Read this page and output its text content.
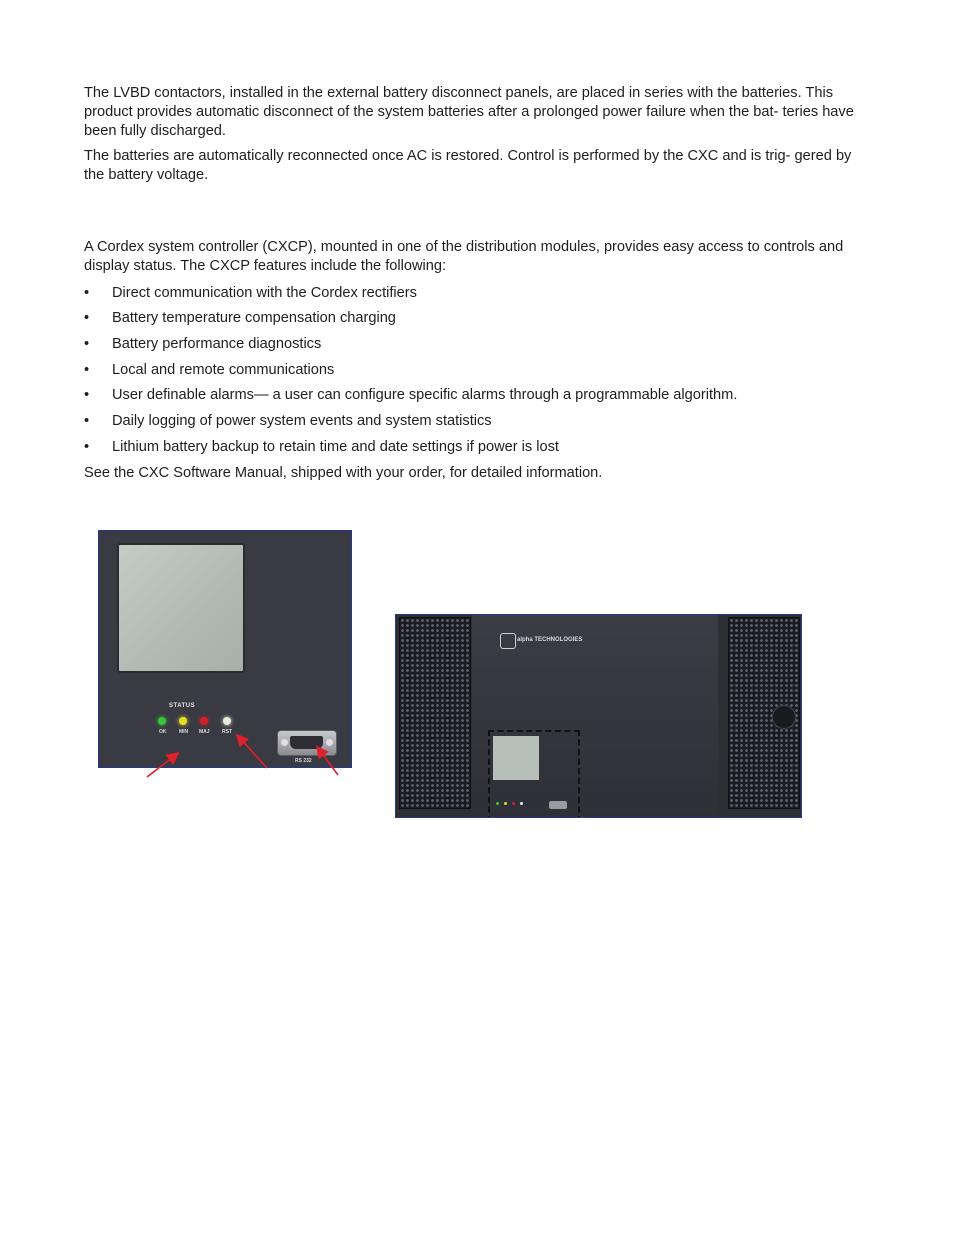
The LVBD contactors, installed in the external battery disconnect panels, are placed in series with the batteries. This product provides automatic disconnect of the system batteries after a prolonged power failure when the bat- teries have been fully discharged.

The batteries are automatically reconnected once AC is restored. Control is performed by the CXC and is trig- gered by the battery voltage.

A Cordex system controller (CXCP), mounted in one of the distribution modules, provides easy access to controls and display status. The CXCP features include the following:
• Direct communication with the Cordex rectifiers
• Battery temperature compensation charging
• Battery performance diagnostics
• Local and remote communications
• User definable alarms— a user can configure specific alarms through a programmable algorithm.
• Daily logging of power system events and system statistics
• Lithium battery backup to retain time and date settings if power is lost
See the CXC Software Manual, shipped with your order, for detailed information.
STATUS
OK	MIN MAJ RST
RS 232
alpha TECHNOLOGIES
